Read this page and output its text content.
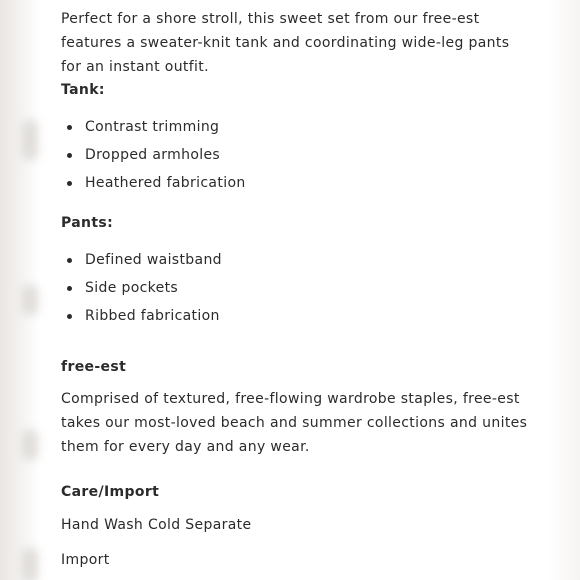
Perfect for a shore stroll, this sweet set from our free-est features a sweater-knit tank and coordinating wide-leg pants for an instant outfit.

Tank:

Contrast trimming
Dropped armholes
Heathered fabrication

Pants:

Defined waistband
Side pockets
Ribbed fabrication

free-est

Comprised of textured, free-flowing wardrobe staples, free-est takes our most-loved beach and summer collections and unites them for every day and any wear.

Care/Import

Hand Wash Cold Separate

Import
